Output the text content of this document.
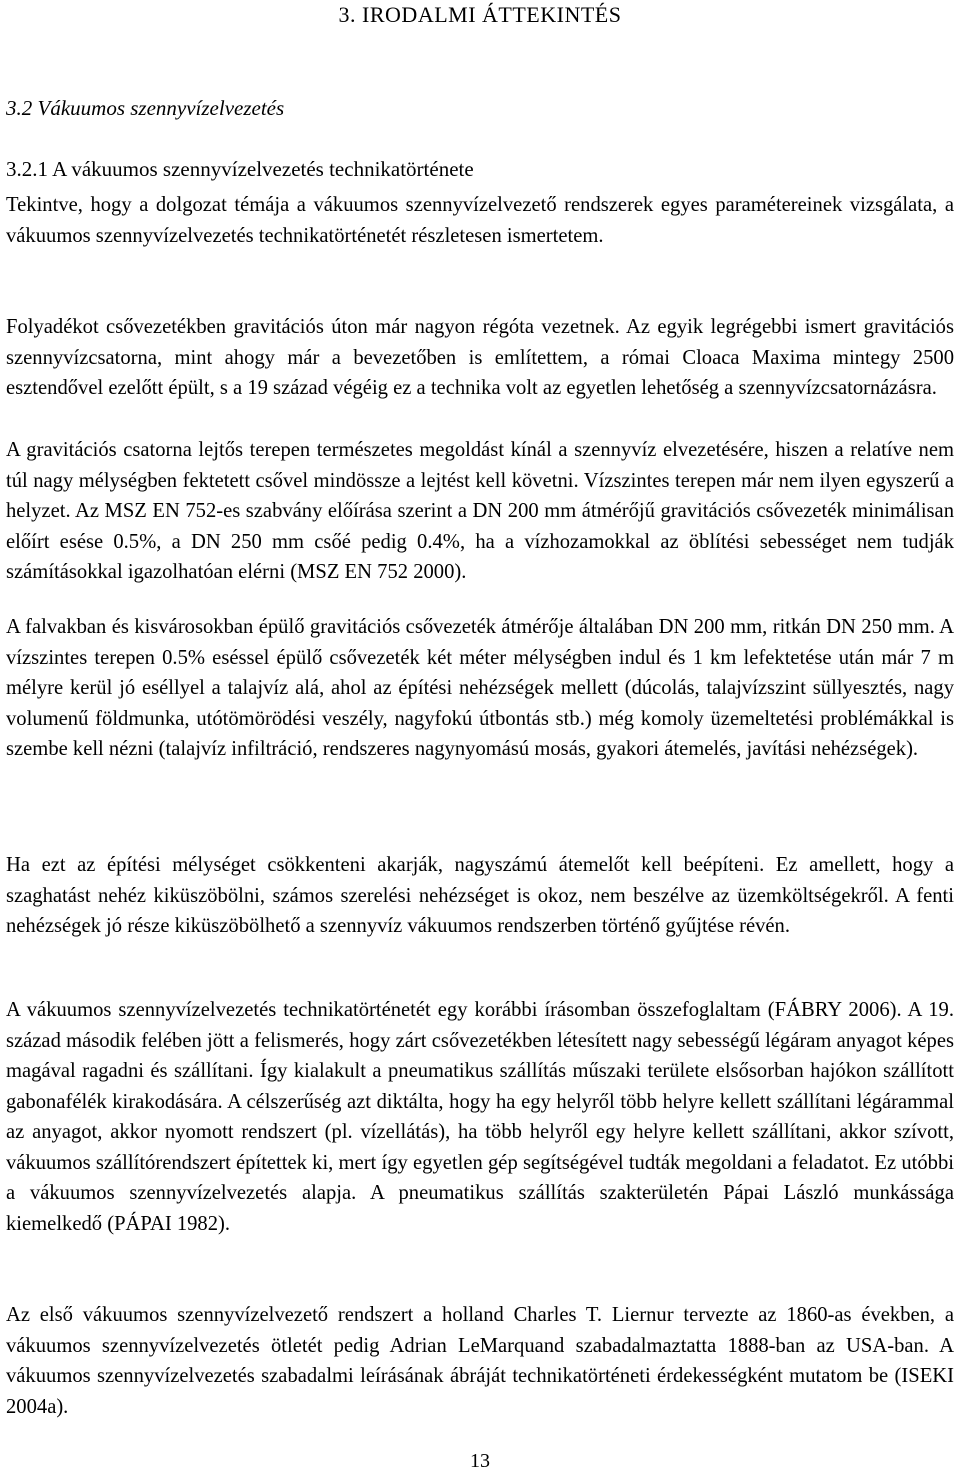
3. IRODALMI ÁTTEKINTÉS
3.2 Vákuumos szennyvízelvezetés
3.2.1 A vákuumos szennyvízelvezetés technikatörténete

Tekintve, hogy a dolgozat témája a vákuumos szennyvízelvezető rendszerek egyes paramétereinek vizsgálata, a vákuumos szennyvízelvezetés technikatörténetét részletesen ismertetem.

Folyadékot csővezetékben gravitációs úton már nagyon régóta vezetnek. Az egyik legrégebbi ismert gravitációs szennyvízcsatorna, mint ahogy már a bevezetőben is említettem, a római Cloaca Maxima mintegy 2500 esztendővel ezelőtt épült, s a 19 század végéig ez a technika volt az egyetlen lehetőség a szennyvízcsatornázásra.

A gravitációs csatorna lejtős terepen természetes megoldást kínál a szennyvíz elvezetésére, hiszen a relatíve nem túl nagy mélységben fektetett csővel mindössze a lejtést kell követni. Vízszintes terepen már nem ilyen egyszerű a helyzet. Az MSZ EN 752-es szabvány előírása szerint a DN 200 mm átmérőjű gravitációs csővezeték minimálisan előírt esése 0.5%, a DN 250 mm csőé pedig 0.4%, ha a vízhozamokkal az öblítési sebességet nem tudják számításokkal igazolhatóan elérni (MSZ EN 752 2000).

A falvakban és kisvárosokban épülő gravitációs csővezeték átmérője általában DN 200 mm, ritkán DN 250 mm. A vízszintes terepen 0.5% eséssel épülő csővezeték két méter mélységben indul és 1 km lefektetése után már 7 m mélyre kerül jó eséllyel a talajvíz alá, ahol az építési nehézségek mellett (dúcolás, talajvízszint süllyesztés, nagy volumenű földmunka, utótömörödési veszély, nagyfokú útbontás stb.) még komoly üzemeltetési problémákkal is szembe kell nézni (talajvíz infiltráció, rendszeres nagynyomású mosás, gyakori átemelés, javítási nehézségek).

Ha ezt az építési mélységet csökkenteni akarják, nagyszámú átemelőt kell beépíteni. Ez amellett, hogy a szaghatást nehéz kiküszöbölni, számos szerelési nehézséget is okoz, nem beszélve az üzemköltségekről. A fenti nehézségek jó része kiküszöbölhető a szennyvíz vákuumos rendszerben történő gyűjtése révén.

A vákuumos szennyvízelvezetés technikatörténetét egy korábbi írásomban összefoglaltam (FÁBRY 2006). A 19. század második felében jött a felismerés, hogy zárt csővezetékben létesített nagy sebességű légáram anyagot képes magával ragadni és szállítani. Így kialakult a pneumatikus szállítás műszaki területe elsősorban hajókon szállított gabonafélék kirakodására. A célszerűség azt diktálta, hogy ha egy helyről több helyre kellett szállítani légárammal az anyagot, akkor nyomott rendszert (pl. vízellátás), ha több helyről egy helyre kellett szállítani, akkor szívott, vákuumos szállítórendszert építettek ki, mert így egyetlen gép segítségével tudták megoldani a feladatot. Ez utóbbi a vákuumos szennyvízelvezetés alapja. A pneumatikus szállítás szakterületén Pápai László munkássága kiemelkedő (PÁPAI 1982).

Az első vákuumos szennyvízelvezető rendszert a holland Charles T. Liernur tervezte az 1860-as években, a vákuumos szennyvízelvezetés ötletét pedig Adrian LeMarquand szabadalmaztatta 1888-ban az USA-ban. A vákuumos szennyvízelvezetés szabadalmi leírásának ábráját technikatörténeti érdekességként mutatom be (ISEKI 2004a).

13
